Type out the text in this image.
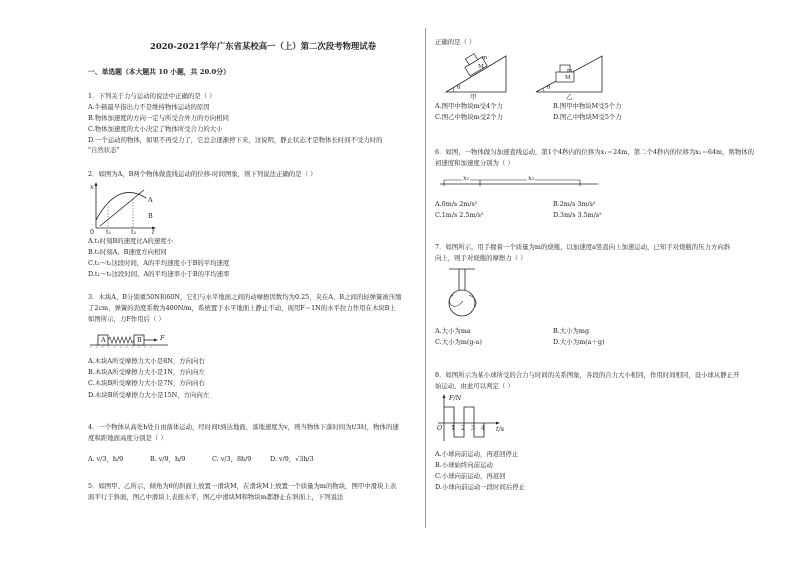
2020-2021学年广东省某校高一（上）第二次段考物理试卷
一、单选题（本大题共 10 小题，共 20.0分）
1．下列关于力与运动的说法中正确的是（ ）
A.牛顿最早指出力不是维持物体运动的原因
B.物体加速度的方向一定与所受合外力的方向相同
C.物体加速度的大小决定了物体所受合力的大小
D.一个运动的物体，如果不再受力了，它总会逐渐停下来，这说明，静止状态才是物体长时间不受力时的
"自然状态"
2．如图为A、B两个物体做直线运动的位移-时间图象，则下列说法正确的是（ ）
x
t
0 t₁	t₂
A
B
A.t₁时刻B的速度比A的速度小
B.t₂时刻A、B速度方向相同
C.t₁～t₂这段时间，A的平均速度小于B的平均速度
D.t₁～t₂这段时间，A的平均速率小于B的平均速率
3．木块A、B分别重50N和60N，它们与水平地面之间的动摩擦因数均为0.25，夹在A、B之间的轻弹簧被压缩
了2cm，弹簧的劲度系数为400N/m，系统置于水平地面上静止不动，现用F＝1N的水平拉力作用在木块B上
如图所示，力F作用后（ ）
A	B	F
A.木块A所受摩擦力大小是8N，方向向右
B.木块A所受摩擦力大小是1N，方向向左
C.木块B所受摩擦力大小是7N，方向向右
D.木块B所受摩擦力大小是15N，方向向左
4．一个物体从高处h处自由落体运动，经时间t到达地面，落地速度为v，则当物体下落时间为t/3时，物体的速
度和距地面高度分别是（ ）
A. v/3，h/9	B. v/9，h/9	C. v/3，8h/9	D. v/9，√3h/3
5．如图甲、乙所示，倾角为θ的斜面上放置一滑块M，在滑块M上放置一个质量为m的物块，图甲中滑块上表
面平行于斜面，图乙中滑块上表面水平，图乙中滑块M和物块m都静止在斜面上，下列说法
正确的是（ ）
m
M
m
M
θ	θ
甲	乙
A.图甲中物块m受4个力	B.图甲中物块M受5个力
C.图乙中物块m受2个力	D.图乙中物块M受5个力
6．如图，一物体做匀加速直线运动，第1个4秒内的位移为x₁＝24m，第二个4秒内的位移为x₂＝64m，则物体的
初速度和加速度分别为（ ）
x₁	x₂
A.0m/s 2m/s²	B.2m/s 3m/s²
C.1m/s 2.5m/s²	D.3m/s 3.5m/s²
7．如图所示，用手握着一个质量为m的烧瓶，以加速度a竖直向上加速运动，已知手对烧瓶的压力方向斜
向上，则手对烧瓶的摩擦力（ ）
A.大小为ma	B.大小为mg
C.大小为m(g-a)	D.大小为m(a＋g)
8．如图所示为某小球所受的合力与时间的关系图象，各段的合力大小相同，作用时间相同，设小球从静止开
始运动，由此可以判定（ ）
F/N
t/s
O 1 2 3 4
A.小球向前运动，再返回停止
B.小球始终向前运动
C.小球向前运动，再返回
D.小球向前运动一段时间后停止
